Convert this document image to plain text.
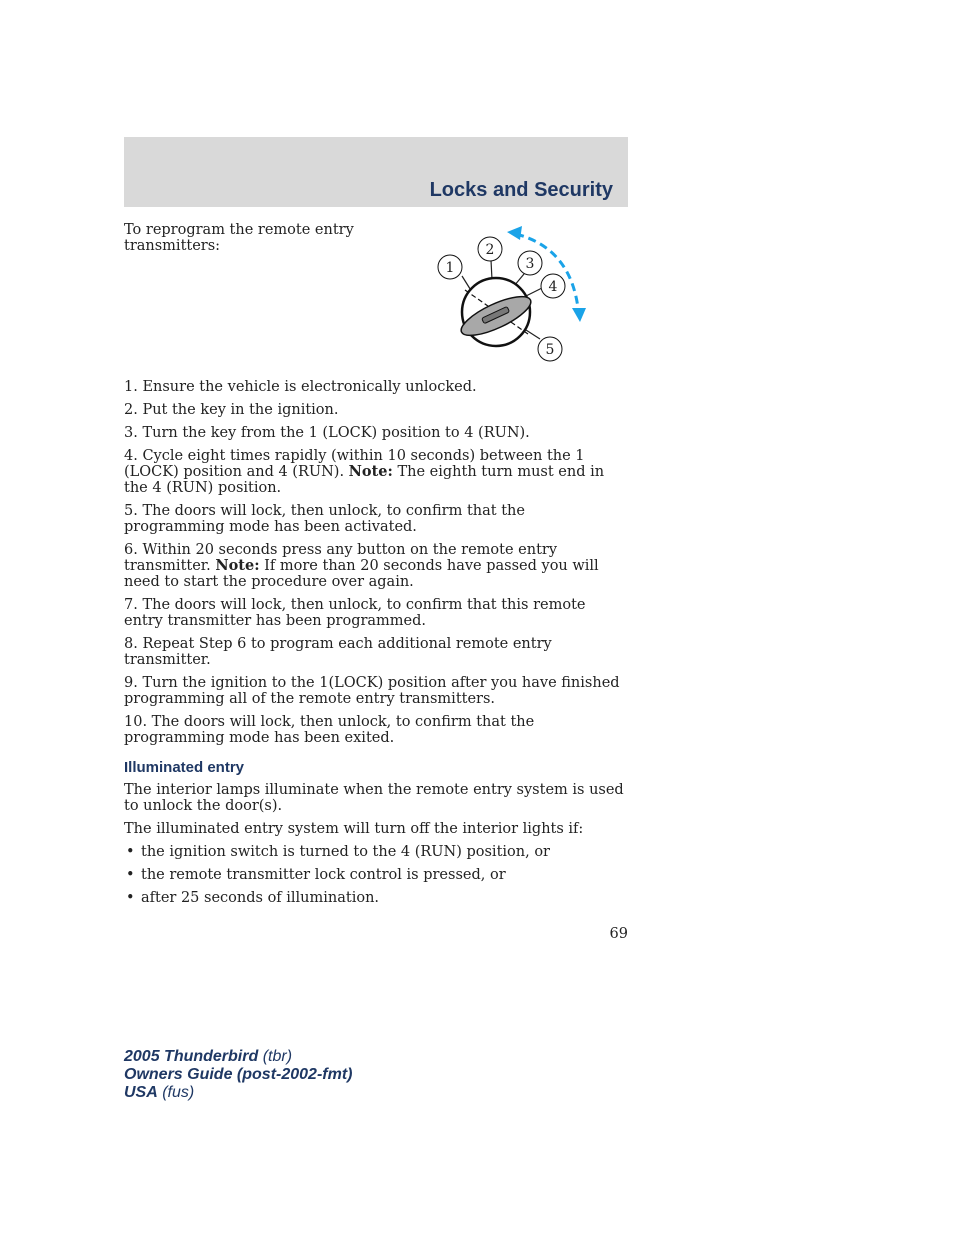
Locks and Security
To reprogram the remote entry transmitters:
1
2
3
4
5

1. Ensure the vehicle is electronically unlocked.

2. Put the key in the ignition.

3. Turn the key from the 1 (LOCK) position to 4 (RUN).

4. Cycle eight times rapidly (within 10 seconds) between the 1 (LOCK) position and 4 (RUN). Note: The eighth turn must end in the 4 (RUN) position.

5. The doors will lock, then unlock, to confirm that the programming mode has been activated.

6. Within 20 seconds press any button on the remote entry transmitter. Note: If more than 20 seconds have passed you will need to start the procedure over again.

7. The doors will lock, then unlock, to confirm that this remote entry transmitter has been programmed.

8. Repeat Step 6 to program each additional remote entry transmitter.

9. Turn the ignition to the 1(LOCK) position after you have finished programming all of the remote entry transmitters.

10. The doors will lock, then unlock, to confirm that the programming mode has been exited.

Illuminated entry

The interior lamps illuminate when the remote entry system is used to unlock the door(s).

The illuminated entry system will turn off the interior lights if:

• the ignition switch is turned to the 4 (RUN) position, or
• the remote transmitter lock control is pressed, or
• after 25 seconds of illumination.
69
2005 Thunderbird (tbr)
Owners Guide (post-2002-fmt)
USA (fus)
